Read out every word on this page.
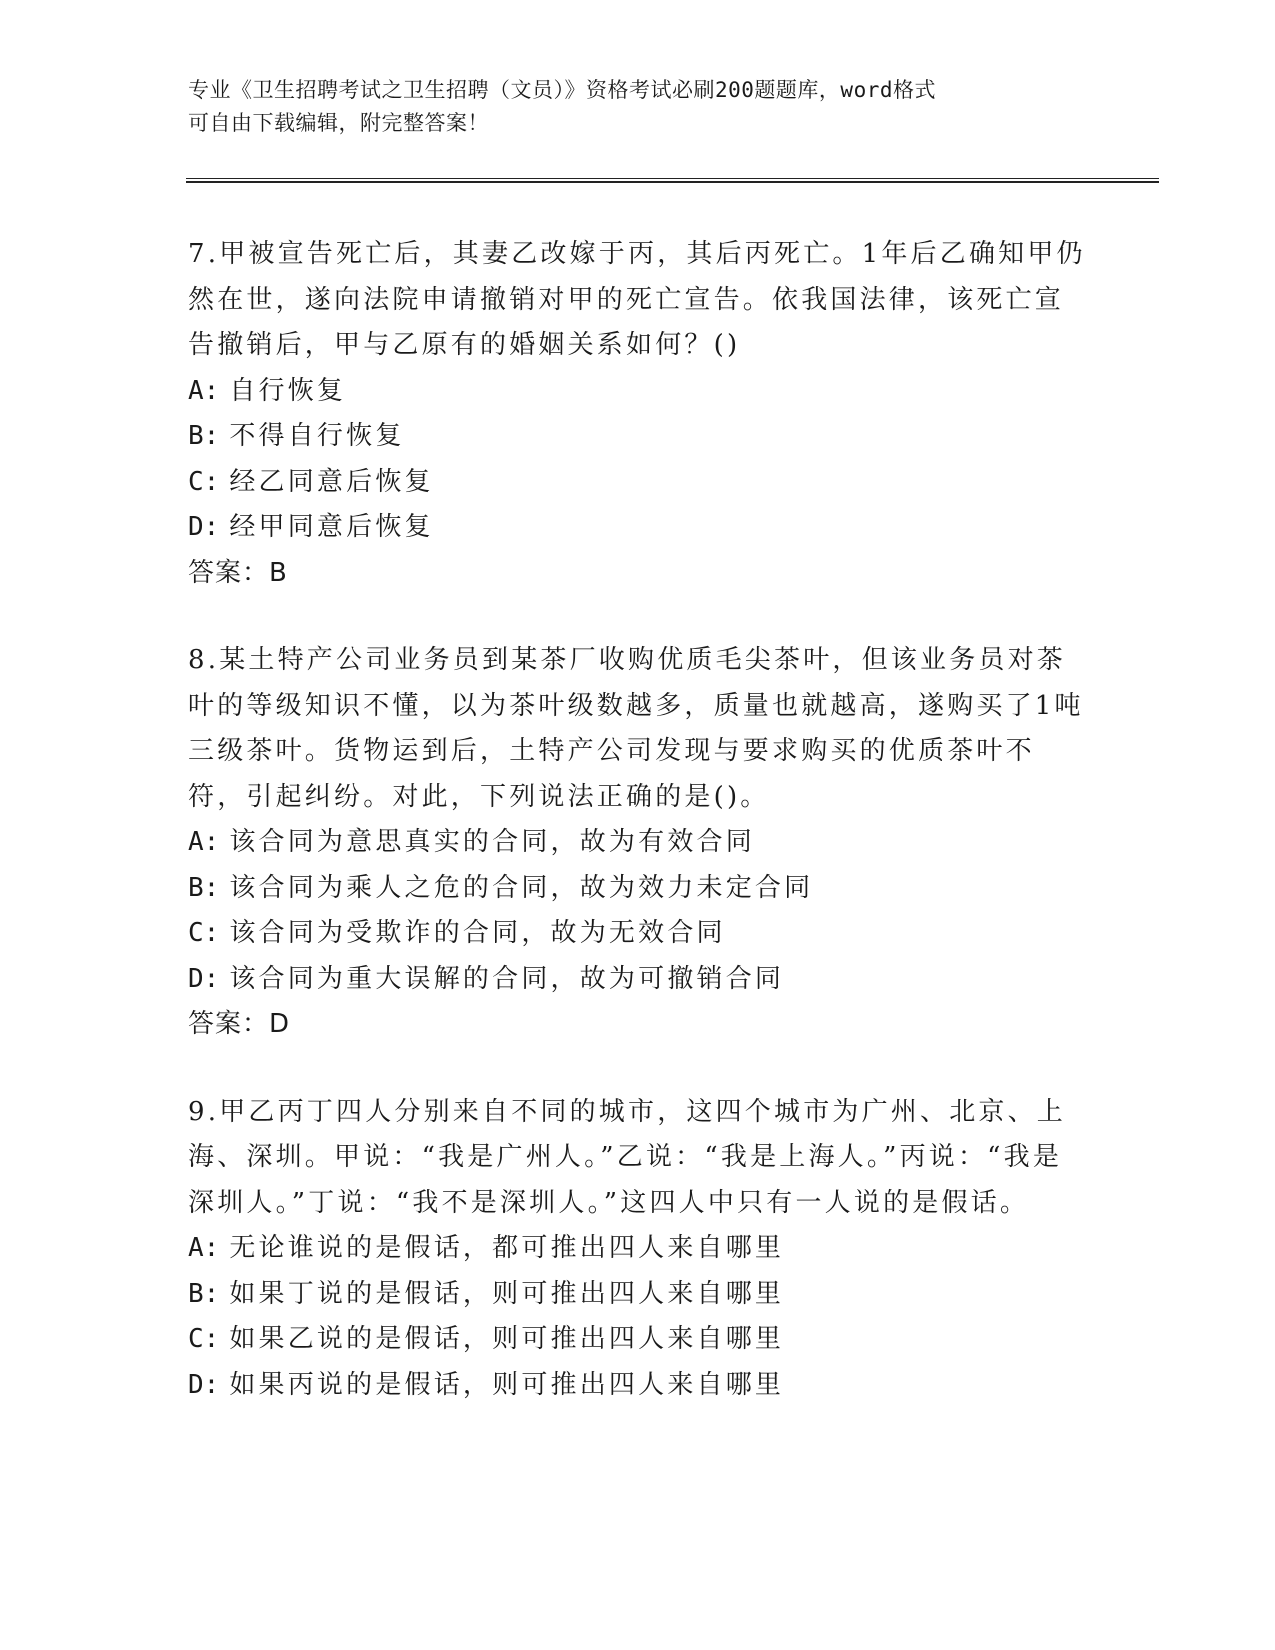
专业《卫生招聘考试之卫生招聘（文员）》资格考试必刷200题题库，word格式
可自由下载编辑，附完整答案！

7.甲被宣告死亡后，其妻乙改嫁于丙，其后丙死亡。1年后乙确知甲仍然在世，遂向法院申请撤销对甲的死亡宣告。依我国法律，该死亡宣告撤销后，甲与乙原有的婚姻关系如何？()

A: 自行恢复
B: 不得自行恢复
C: 经乙同意后恢复
D: 经甲同意后恢复
答案：B

8.某土特产公司业务员到某茶厂收购优质毛尖茶叶，但该业务员对茶叶的等级知识不懂，以为茶叶级数越多，质量也就越高，遂购买了1吨三级茶叶。货物运到后，土特产公司发现与要求购买的优质茶叶不符，引起纠纷。对此，下列说法正确的是()。

A: 该合同为意思真实的合同，故为有效合同
B: 该合同为乘人之危的合同，故为效力未定合同
C: 该合同为受欺诈的合同，故为无效合同
D: 该合同为重大误解的合同，故为可撤销合同
答案：D

9.甲乙丙丁四人分别来自不同的城市，这四个城市为广州、北京、上海、深圳。甲说：“我是广州人。”乙说：“我是上海人。”丙说：“我是深圳人。”丁说：“我不是深圳人。”这四人中只有一人说的是假话。

A: 无论谁说的是假话，都可推出四人来自哪里
B: 如果丁说的是假话，则可推出四人来自哪里
C: 如果乙说的是假话，则可推出四人来自哪里
D: 如果丙说的是假话，则可推出四人来自哪里
